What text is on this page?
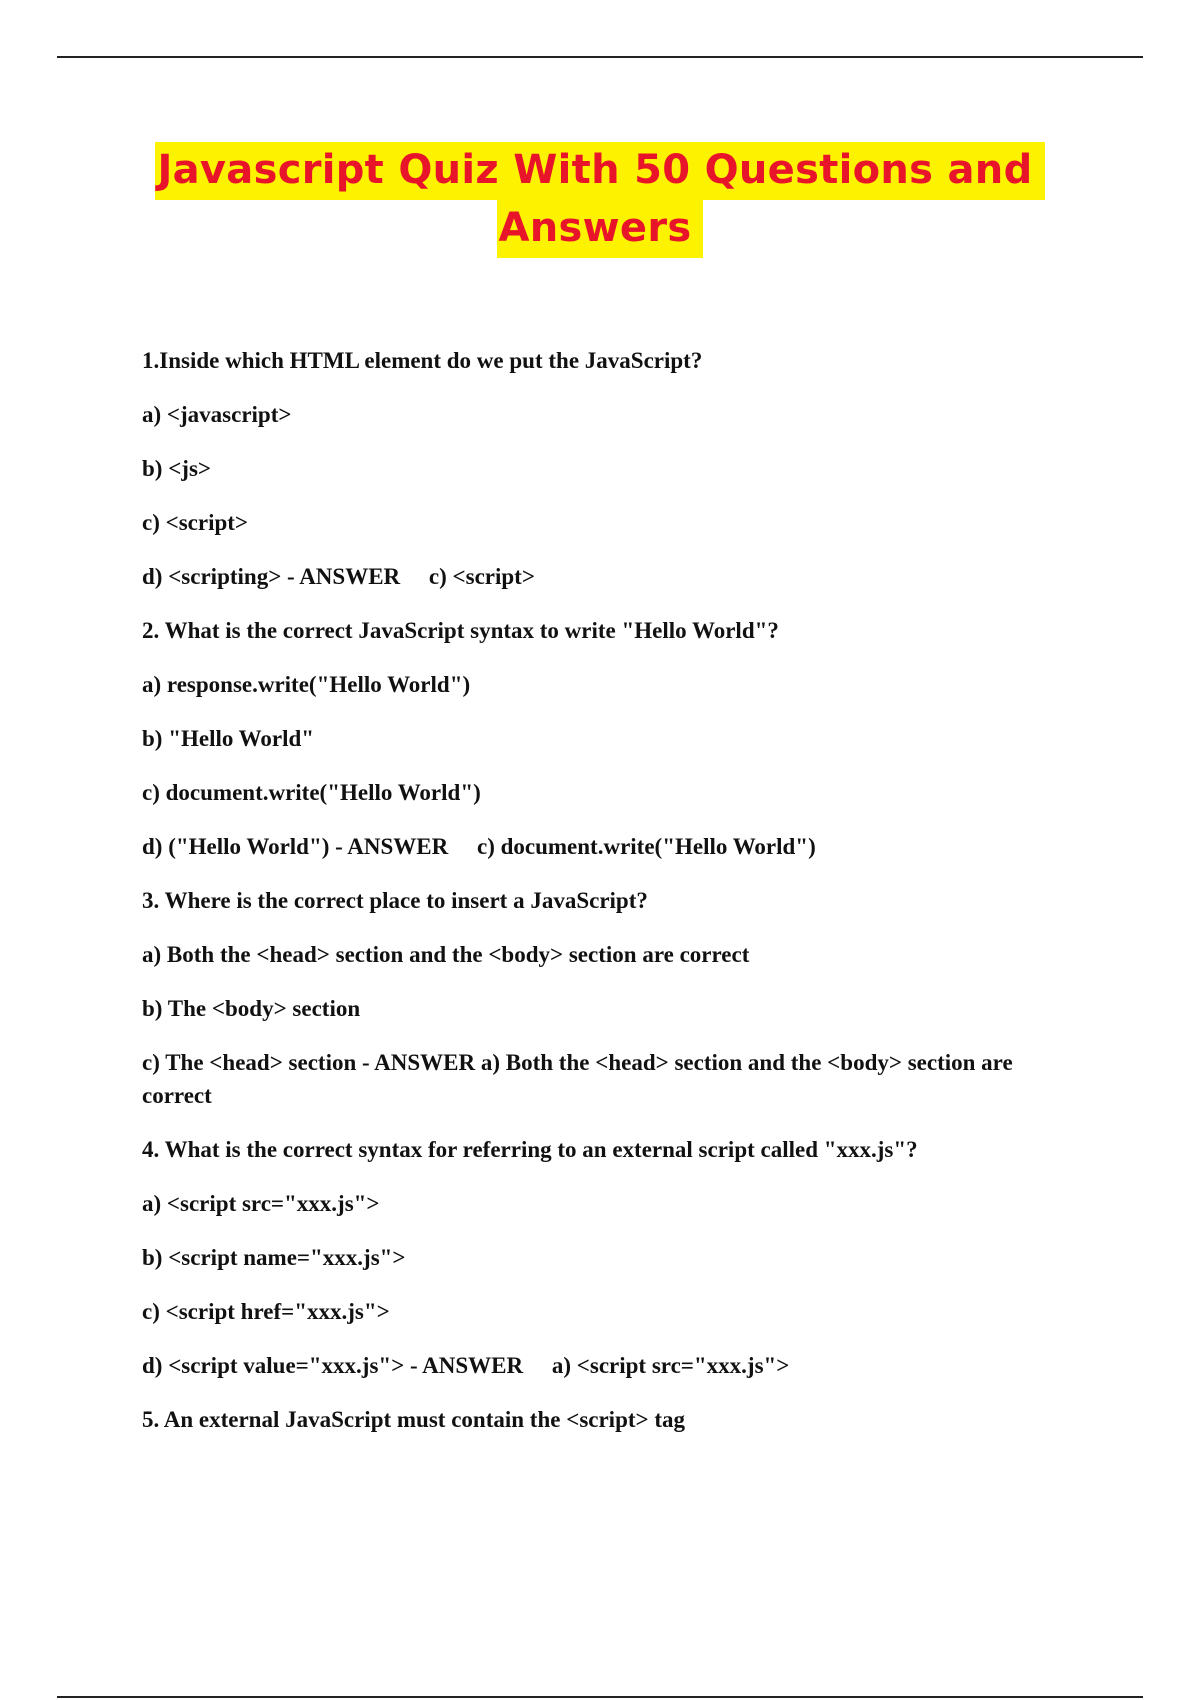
Javascript Quiz With 50 Questions and
Answers
1.Inside which HTML element do we put the JavaScript?
a) <javascript>
b) <js>
c) <script>
d) <scripting> - ANSWER     c) <script>
2. What is the correct JavaScript syntax to write "Hello World"?
a) response.write("Hello World")
b) "Hello World"
c) document.write("Hello World")
d) ("Hello World") - ANSWER     c) document.write("Hello World")
3. Where is the correct place to insert a JavaScript?
a) Both the <head> section and the <body> section are correct
b) The <body> section
c) The <head> section - ANSWER a) Both the <head> section and the <body> section are correct
4. What is the correct syntax for referring to an external script called "xxx.js"?
a) <script src="xxx.js">
b) <script name="xxx.js">
c) <script href="xxx.js">
d) <script value="xxx.js"> - ANSWER     a) <script src="xxx.js">
5. An external JavaScript must contain the <script> tag
